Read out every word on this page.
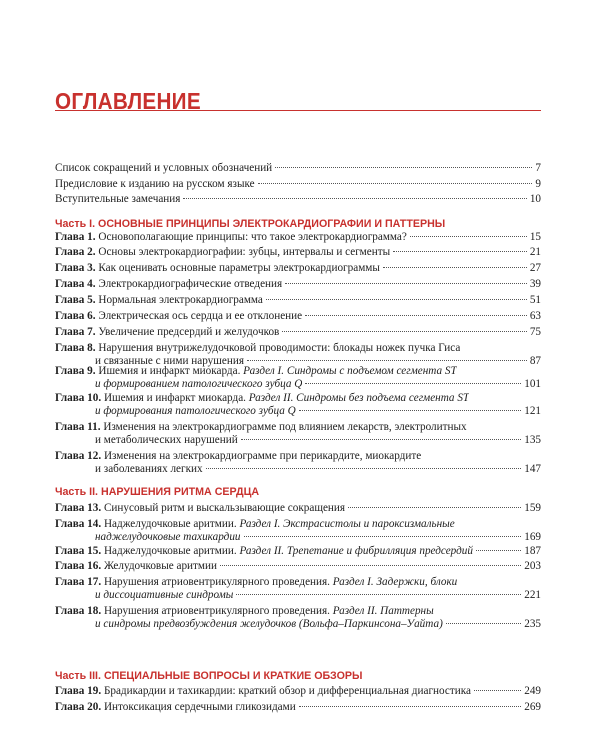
ОГЛАВЛЕНИЕ
Список сокращений и условных обозначений	7
Предисловие к изданию на русском языке	9
Вступительные замечания	10
Часть I. ОСНОВНЫЕ ПРИНЦИПЫ ЭЛЕКТРОКАРДИОГРАФИИ И ПАТТЕРНЫ
Часть II. НАРУШЕНИЯ РИТМА СЕРДЦА
Часть III. СПЕЦИАЛЬНЫЕ ВОПРОСЫ И КРАТКИЕ ОБЗОРЫ
Глава 1. Основополагающие принципы: что такое электрокардиограмма?	15
Глава 2. Основы электрокардиографии: зубцы, интервалы и сегменты	21
Глава 3. Как оценивать основные параметры электрокардиограммы	27
Глава 4. Электрокардиографические отведения	39
Глава 5. Нормальная электрокардиограмма	51
Глава 6. Электрическая ось сердца и ее отклонение	63
Глава 7. Увеличение предсердий и желудочков	75
Глава 8. Нарушения внутрижелудочковой проводимости: блокады ножек пучка Гиса
и связанные с ними нарушения	87
Глава 9. Ишемия и инфаркт миокарда. Раздел I. Синдромы с подъемом сегмента ST
и формированием патологического зубца Q	101
Глава 10. Ишемия и инфаркт миокарда. Раздел II. Синдромы без подъема сегмента ST
и формирования патологического зубца Q	121
Глава 11. Изменения на электрокардиограмме под влиянием лекарств, электролитных
и метаболических нарушений	135
Глава 12. Изменения на электрокардиограмме при перикардите, миокардите
и заболеваниях легких	147
Глава 13. Синусовый ритм и выскальзывающие сокращения	159
Глава 14. Наджелудочковые аритмии. Раздел I. Экстрасистолы и пароксизмальные
наджелудочковые тахикардии	169
Глава 15. Наджелудочковые аритмии. Раздел II. Трепетание и фибрилляция предсердий	187
Глава 16. Желудочковые аритмии	203
Глава 17. Нарушения атриовентрикулярного проведения. Раздел I. Задержки, блоки
и диссоциативные синдромы	221
Глава 18. Нарушения атриовентрикулярного проведения. Раздел II. Паттерны
и синдромы предвозбуждения желудочков (Вольфа–Паркинсона–Уайта)	235
Глава 19. Брадикардии и тахикардии: краткий обзор и дифференциальная диагностика	249
Глава 20. Интоксикация сердечными гликозидами	269
